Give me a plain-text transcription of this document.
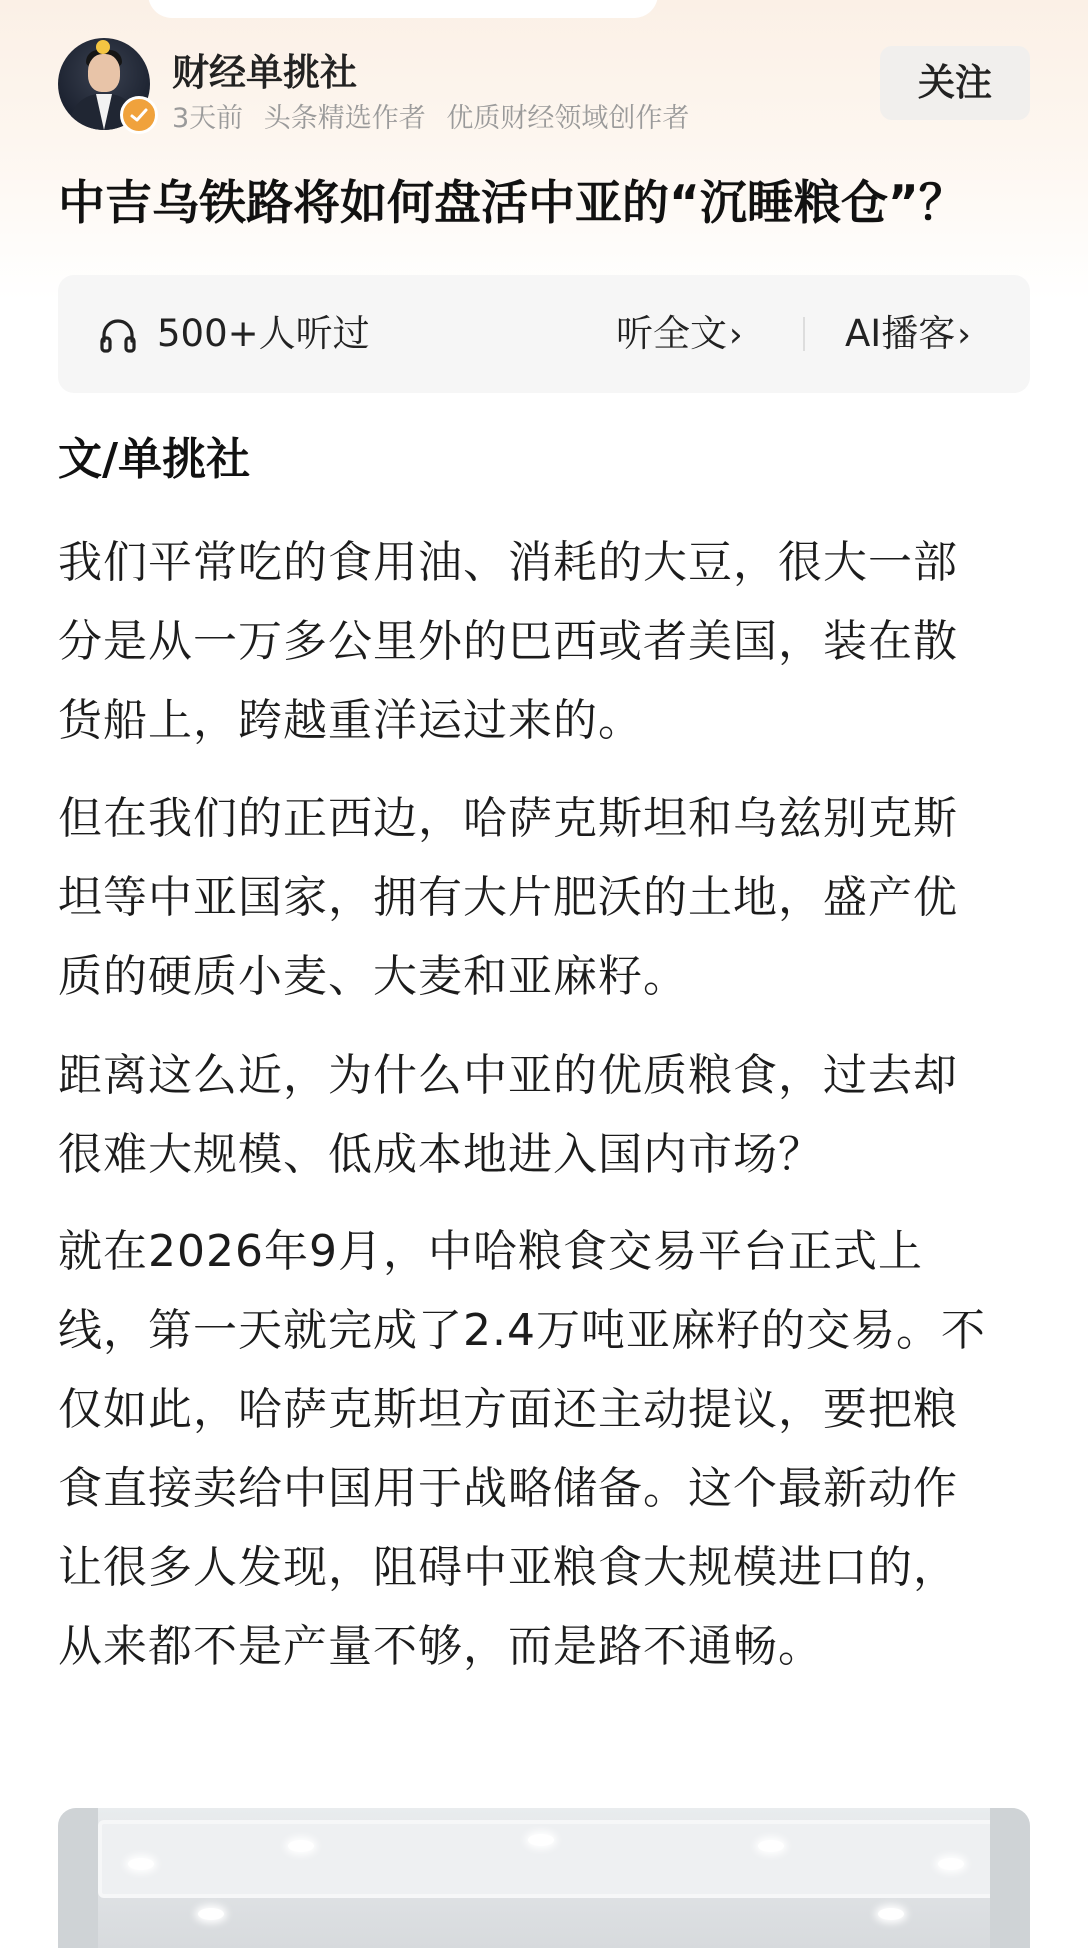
财经单挑社
3天前 头条精选作者 优质财经领域创作者
关注
中吉乌铁路将如何盘活中亚的“沉睡粮仓”？
500+人听过	听全文›	AI播客›
文/单挑社

我们平常吃的食用油、消耗的大豆，很大一部分是从一万多公里外的巴西或者美国，装在散货船上，跨越重洋运过来的。

但在我们的正西边，哈萨克斯坦和乌兹别克斯坦等中亚国家，拥有大片肥沃的土地，盛产优质的硬质小麦、大麦和亚麻籽。

距离这么近，为什么中亚的优质粮食，过去却很难大规模、低成本地进入国内市场？

就在2026年9月，中哈粮食交易平台正式上线，第一天就完成了2.4万吨亚麻籽的交易。不仅如此，哈萨克斯坦方面还主动提议，要把粮食直接卖给中国用于战略储备。这个最新动作让很多人发现，阻碍中亚粮食大规模进口的，从来都不是产量不够，而是路不通畅。
